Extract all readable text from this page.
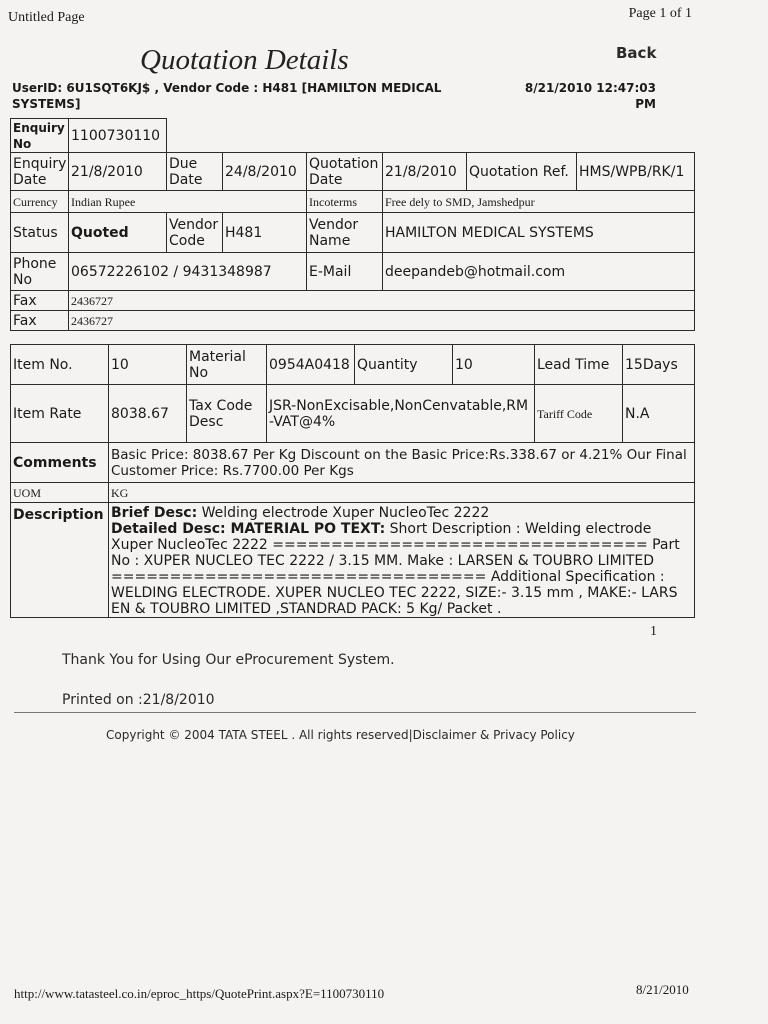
Untitled Page	Page 1 of 1
Quotation Details	Back
UserID: 6U1SQT6KJ$ , Vendor Code : H481 [HAMILTON MEDICAL SYSTEMS]
8/21/2010 12:47:03 PM
Enquiry No	1100730110						
Enquiry Date	21/8/2010	Due Date	24/8/2010	Quotation Date	21/8/2010	Quotation Ref.	HMS/WPB/RK/1
Currency	Indian Rupee			Incoterms	Free dely to SMD, Jamshedpur		
Status	Quoted	Vendor Code	H481	Vendor Name	HAMILTON MEDICAL SYSTEMS		
Phone No	06572226102 / 9431348987			E-Mail	deepandeb@hotmail.com		
Fax	2436727						
Fax	2436727						
Item No.	10	Material No	0954A0418	Quantity	10	Lead Time	15Days
Item Rate	8038.67	Tax Code Desc	JSR-NonExcisable,NonCenvatable,RM-VAT@4%			Tariff Code	N.A
Comments	Basic Price: 8038.67 Per Kg Discount on the Basic Price:Rs.338.67 or 4.21% Our Final Customer Price: Rs.7700.00 Per Kgs						
UOM	KG						
Description	Brief Desc: Welding electrode Xuper NucleoTec 2222
Detailed Desc: MATERIAL PO TEXT: Short Description : Welding electrode Xuper NucleoTec 2222 ================================ Part No : XUPER NUCLEO TEC 2222 / 3.15 MM. Make : LARSEN & TOUBRO LIMITED ================================ Additional Specification : WELDING ELECTRODE. XUPER NUCLEO TEC 2222, SIZE:- 3.15 mm , MAKE:- LARS EN & TOUBRO LIMITED ,STANDRAD PACK: 5 Kg/ Packet .						
1
Thank You for Using Our eProcurement System.
Printed on :21/8/2010
Copyright © 2004 TATA STEEL . All rights reserved|Disclaimer & Privacy Policy
http://www.tatasteel.co.in/eproc_https/QuotePrint.aspx?E=1100730110	8/21/2010
